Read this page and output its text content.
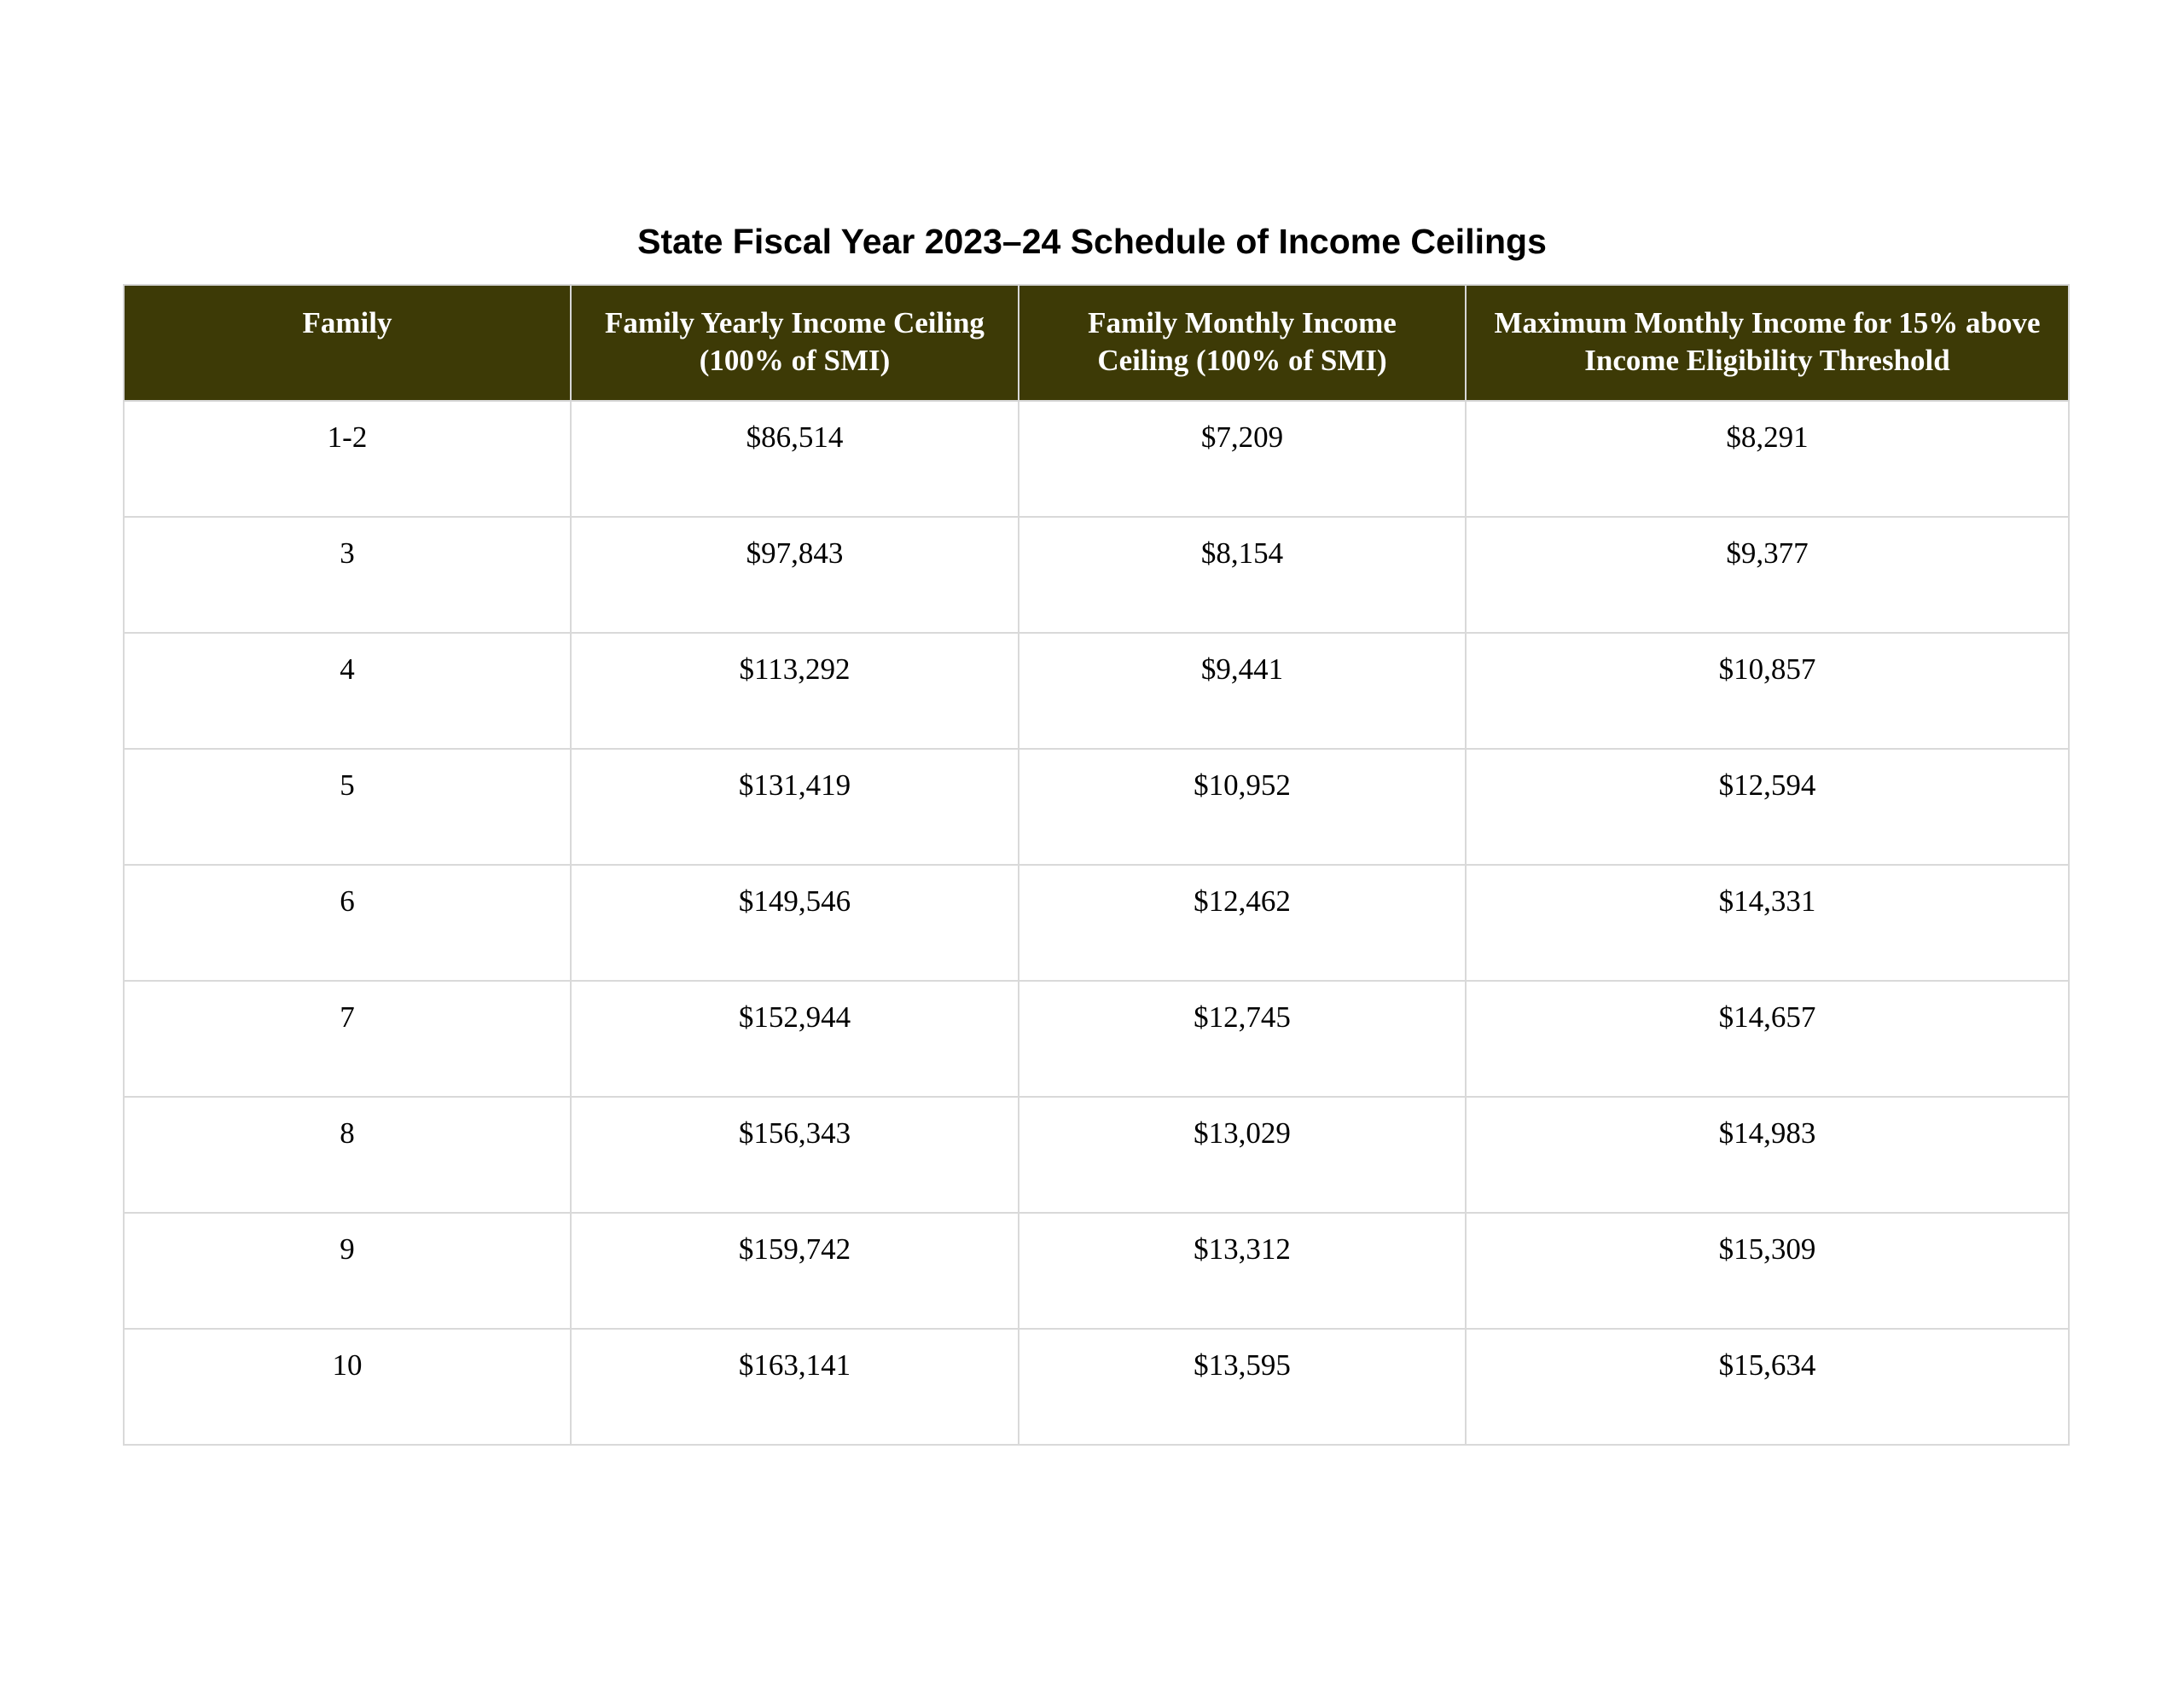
State Fiscal Year 2023–24 Schedule of Income Ceilings
Family	Family Yearly Income Ceiling (100% of SMI)	Family Monthly Income Ceiling (100% of SMI)	Maximum Monthly Income for 15% above Income Eligibility Threshold
1-2	$86,514	$7,209	$8,291
3	$97,843	$8,154	$9,377
4	$113,292	$9,441	$10,857
5	$131,419	$10,952	$12,594
6	$149,546	$12,462	$14,331
7	$152,944	$12,745	$14,657
8	$156,343	$13,029	$14,983
9	$159,742	$13,312	$15,309
10	$163,141	$13,595	$15,634
